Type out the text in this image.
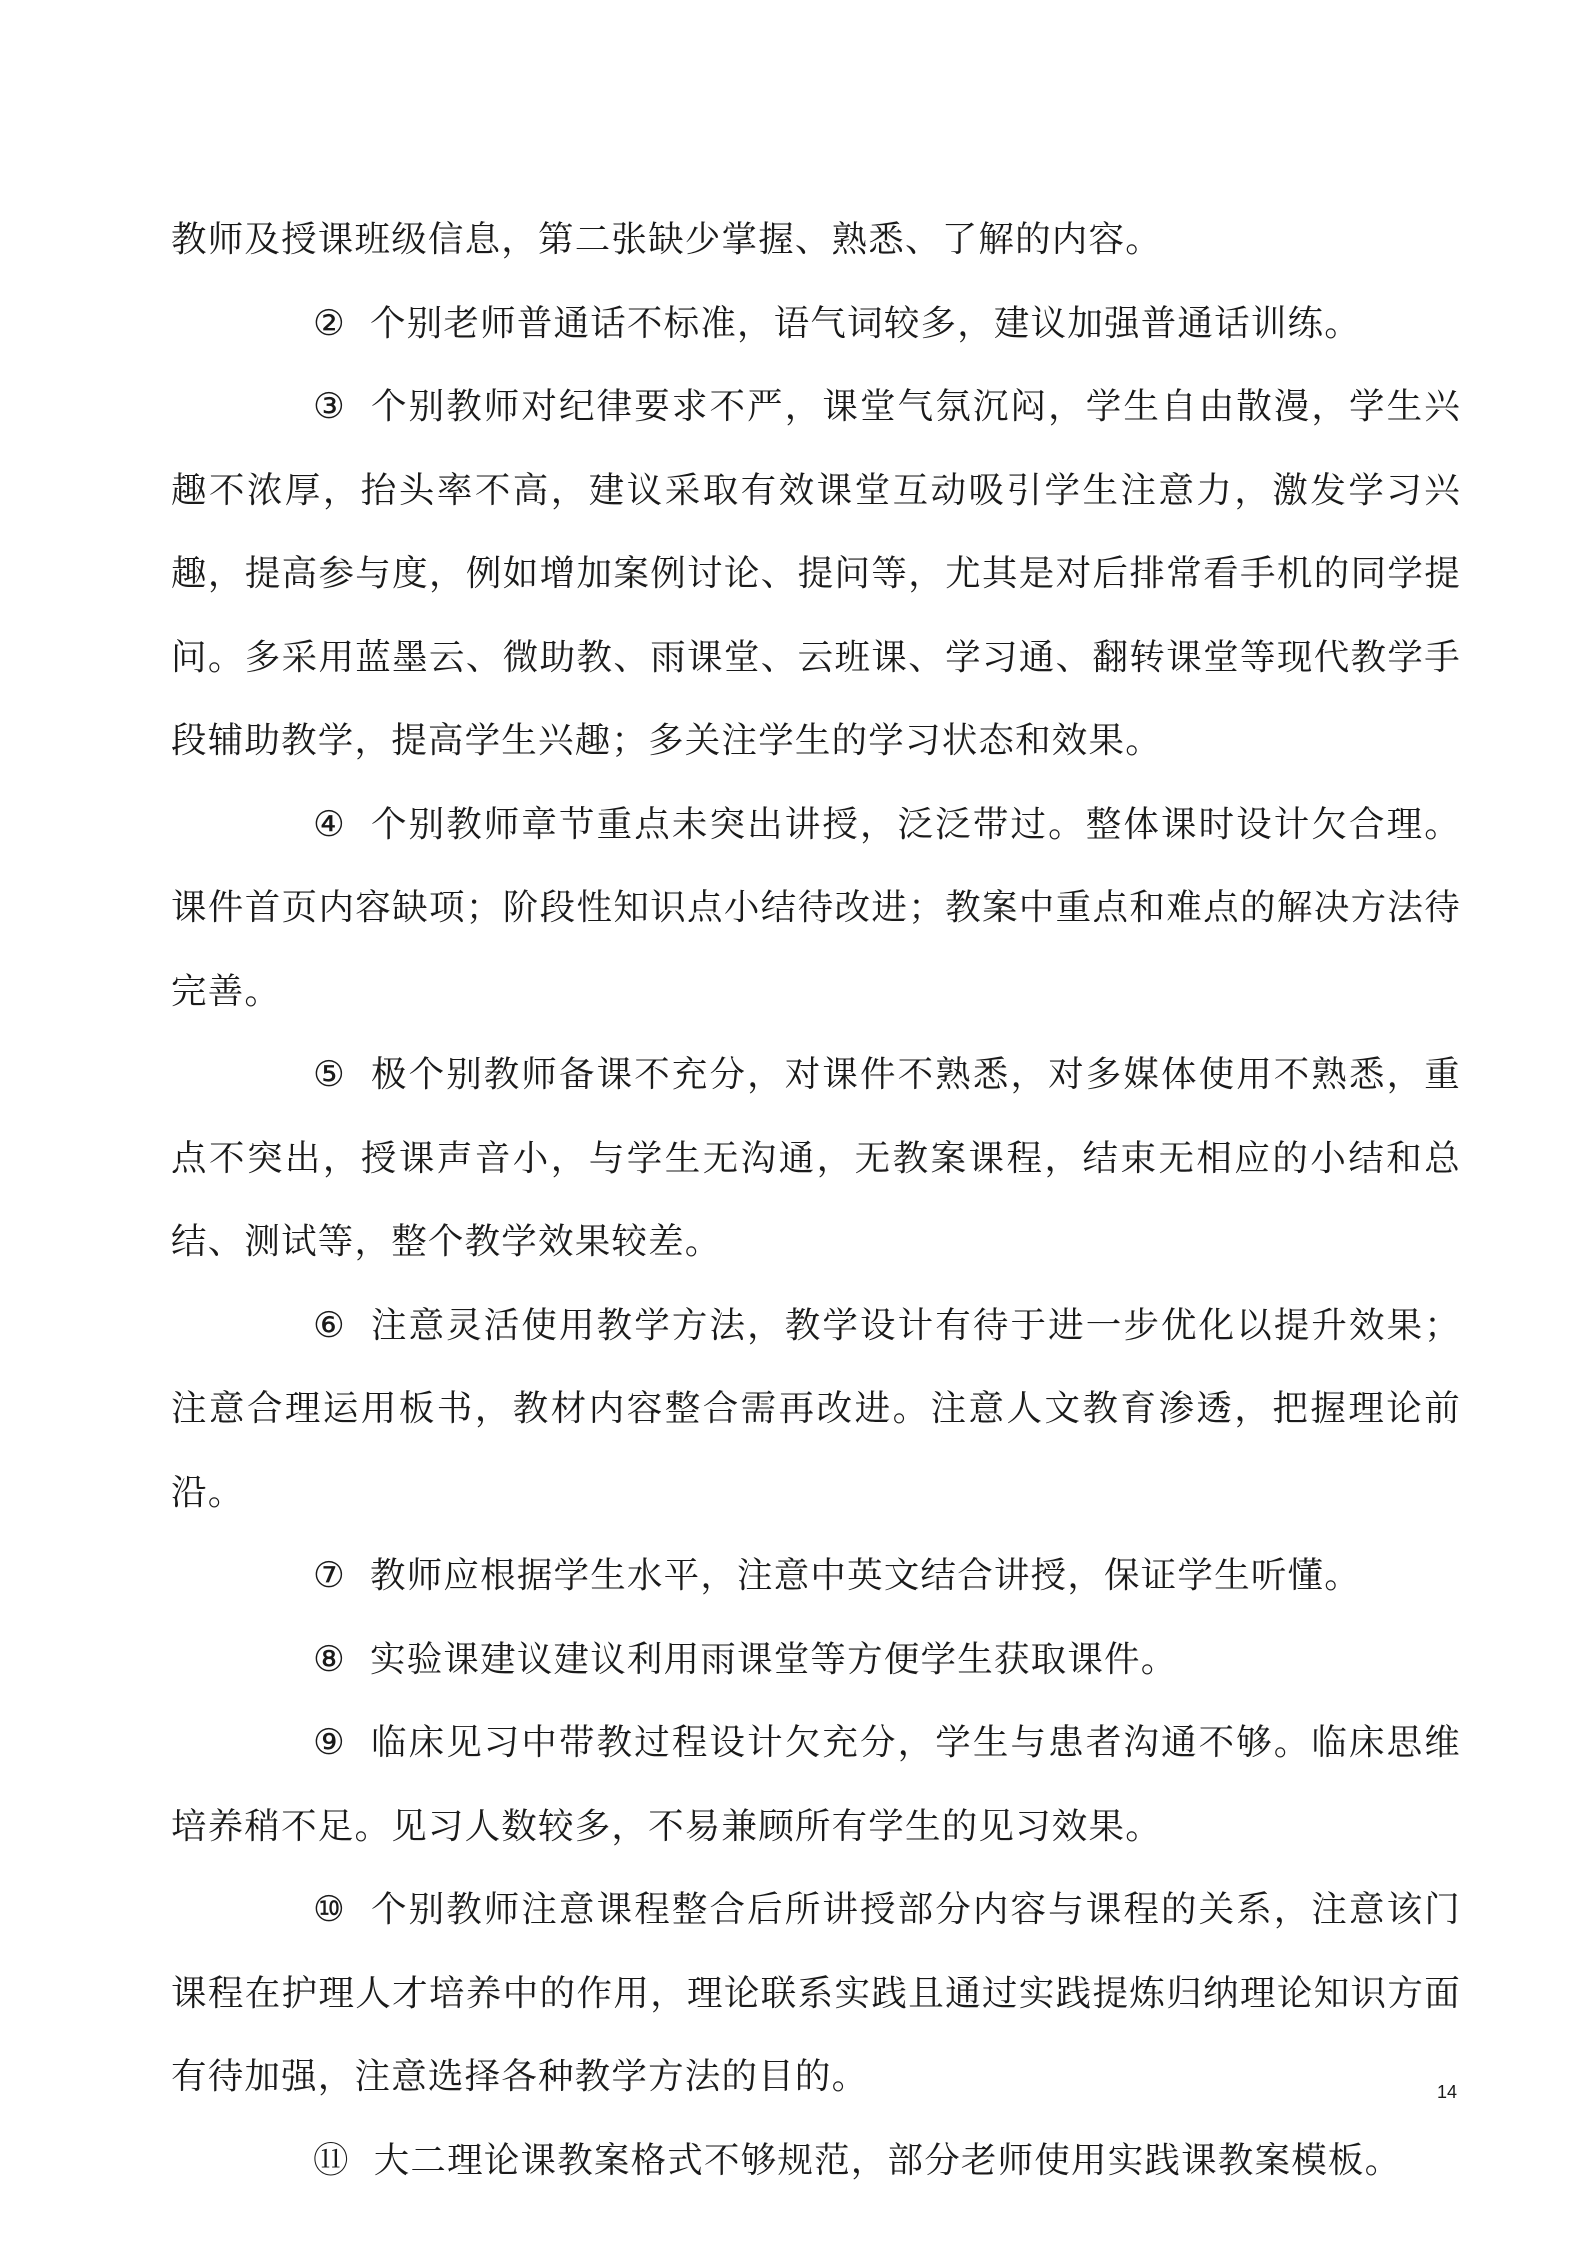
教师及授课班级信息，第二张缺少掌握、熟悉、了解的内容。

② 个别老师普通话不标准，语气词较多，建议加强普通话训练。

③ 个别教师对纪律要求不严，课堂气氛沉闷，学生自由散漫，学生兴趣不浓厚，抬头率不高，建议采取有效课堂互动吸引学生注意力，激发学习兴趣，提高参与度，例如增加案例讨论、提问等，尤其是对后排常看手机的同学提问。多采用蓝墨云、微助教、雨课堂、云班课、学习通、翻转课堂等现代教学手段辅助教学，提高学生兴趣；多关注学生的学习状态和效果。

④ 个别教师章节重点未突出讲授，泛泛带过。整体课时设计欠合理。课件首页内容缺项；阶段性知识点小结待改进；教案中重点和难点的解决方法待完善。

⑤ 极个别教师备课不充分，对课件不熟悉，对多媒体使用不熟悉，重点不突出，授课声音小，与学生无沟通，无教案课程，结束无相应的小结和总结、测试等，整个教学效果较差。

⑥ 注意灵活使用教学方法，教学设计有待于进一步优化以提升效果；注意合理运用板书，教材内容整合需再改进。注意人文教育渗透，把握理论前沿。

⑦ 教师应根据学生水平，注意中英文结合讲授，保证学生听懂。

⑧ 实验课建议建议利用雨课堂等方便学生获取课件。

⑨ 临床见习中带教过程设计欠充分，学生与患者沟通不够。临床思维培养稍不足。见习人数较多，不易兼顾所有学生的见习效果。

⑩ 个别教师注意课程整合后所讲授部分内容与课程的关系，注意该门课程在护理人才培养中的作用，理论联系实践且通过实践提炼归纳理论知识方面有待加强，注意选择各种教学方法的目的。

⑪ 大二理论课教案格式不够规范，部分老师使用实践课教案模板。

14
